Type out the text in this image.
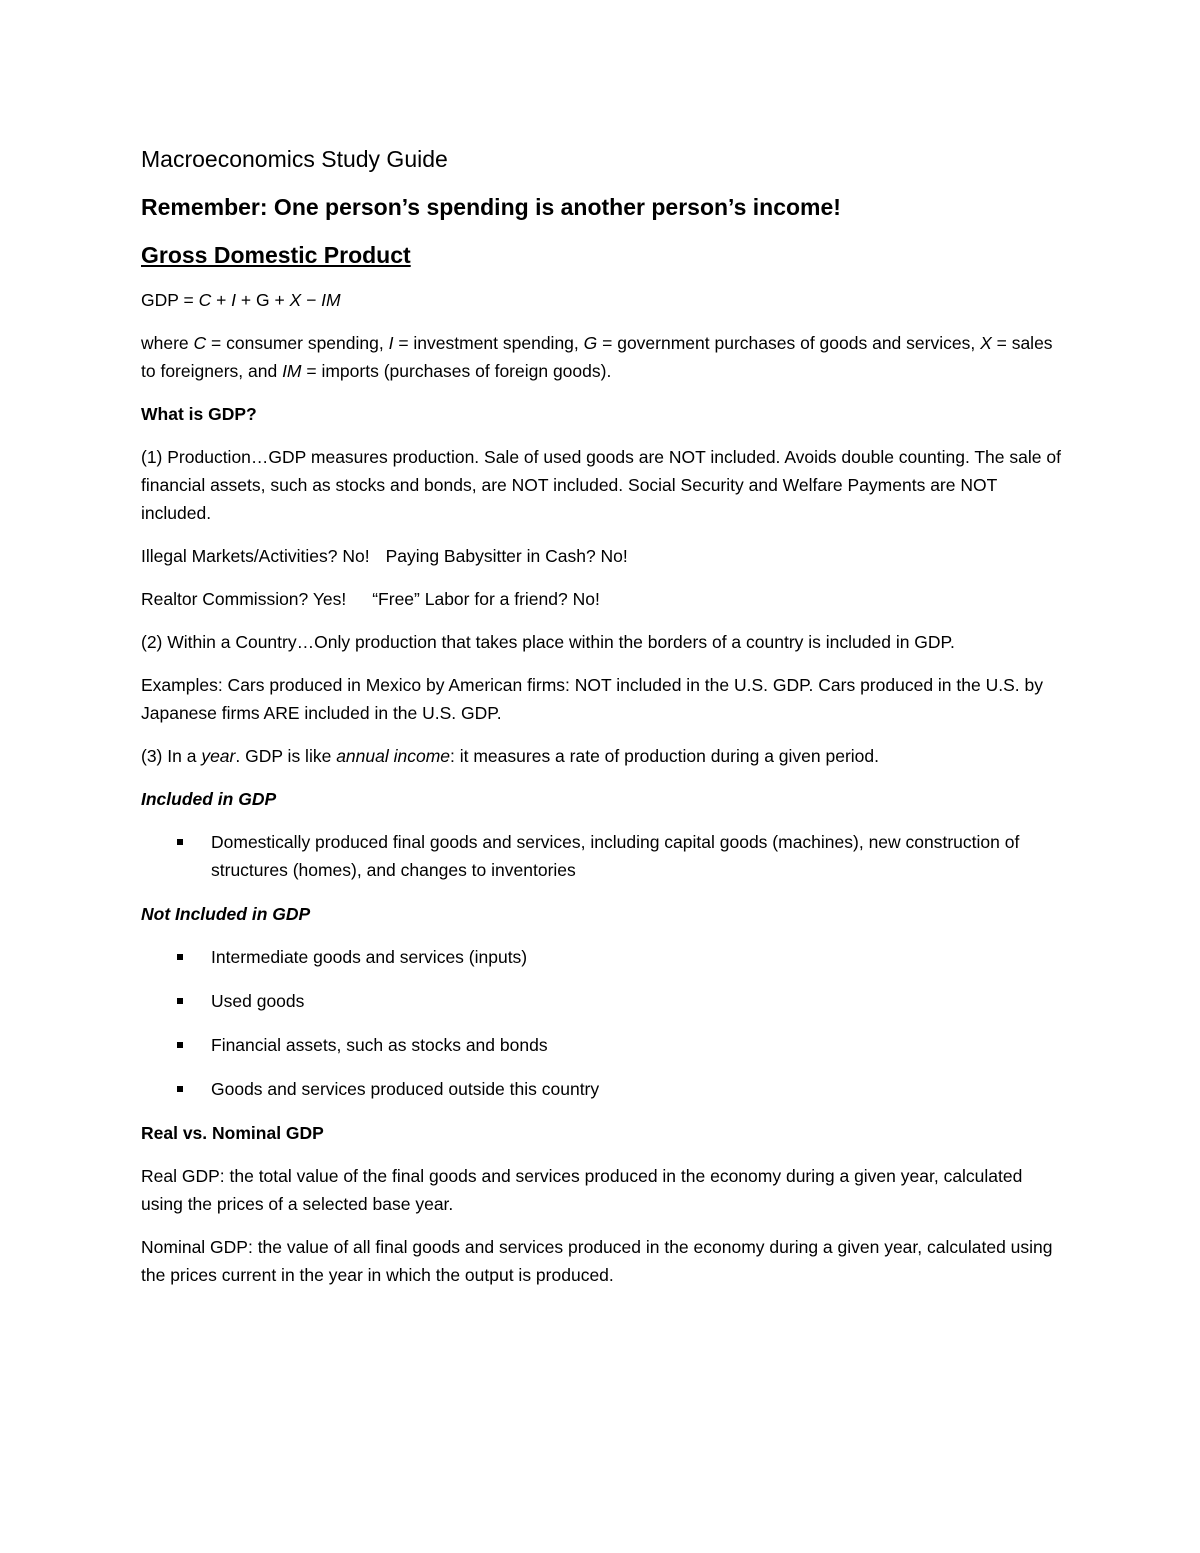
Macroeconomics Study Guide
Remember: One person’s spending is another person’s income!
Gross Domestic Product

GDP = C + I + G + X − IM

where C = consumer spending, I = investment spending, G = government purchases of goods and services, X = sales to foreigners, and IM = imports (purchases of foreign goods).

What is GDP?

(1) Production…GDP measures production. Sale of used goods are NOT included. Avoids double counting. The sale of financial assets, such as stocks and bonds, are NOT included. Social Security and Welfare Payments are NOT included.

Illegal Markets/Activities? No! Paying Babysitter in Cash? No!

Realtor Commission? Yes! “Free” Labor for a friend? No!

(2) Within a Country…Only production that takes place within the borders of a country is included in GDP.

Examples: Cars produced in Mexico by American firms: NOT included in the U.S. GDP. Cars produced in the U.S. by Japanese firms ARE included in the U.S. GDP.

(3) In a year. GDP is like annual income: it measures a rate of production during a given period.

Included in GDP
Domestically produced final goods and services, including capital goods (machines), new construction of structures (homes), and changes to inventories
Not Included in GDP
Intermediate goods and services (inputs)
Used goods
Financial assets, such as stocks and bonds
Goods and services produced outside this country
Real vs. Nominal GDP

Real GDP: the total value of the final goods and services produced in the economy during a given year, calculated using the prices of a selected base year.

Nominal GDP: the value of all final goods and services produced in the economy during a given year, calculated using the prices current in the year in which the output is produced.
